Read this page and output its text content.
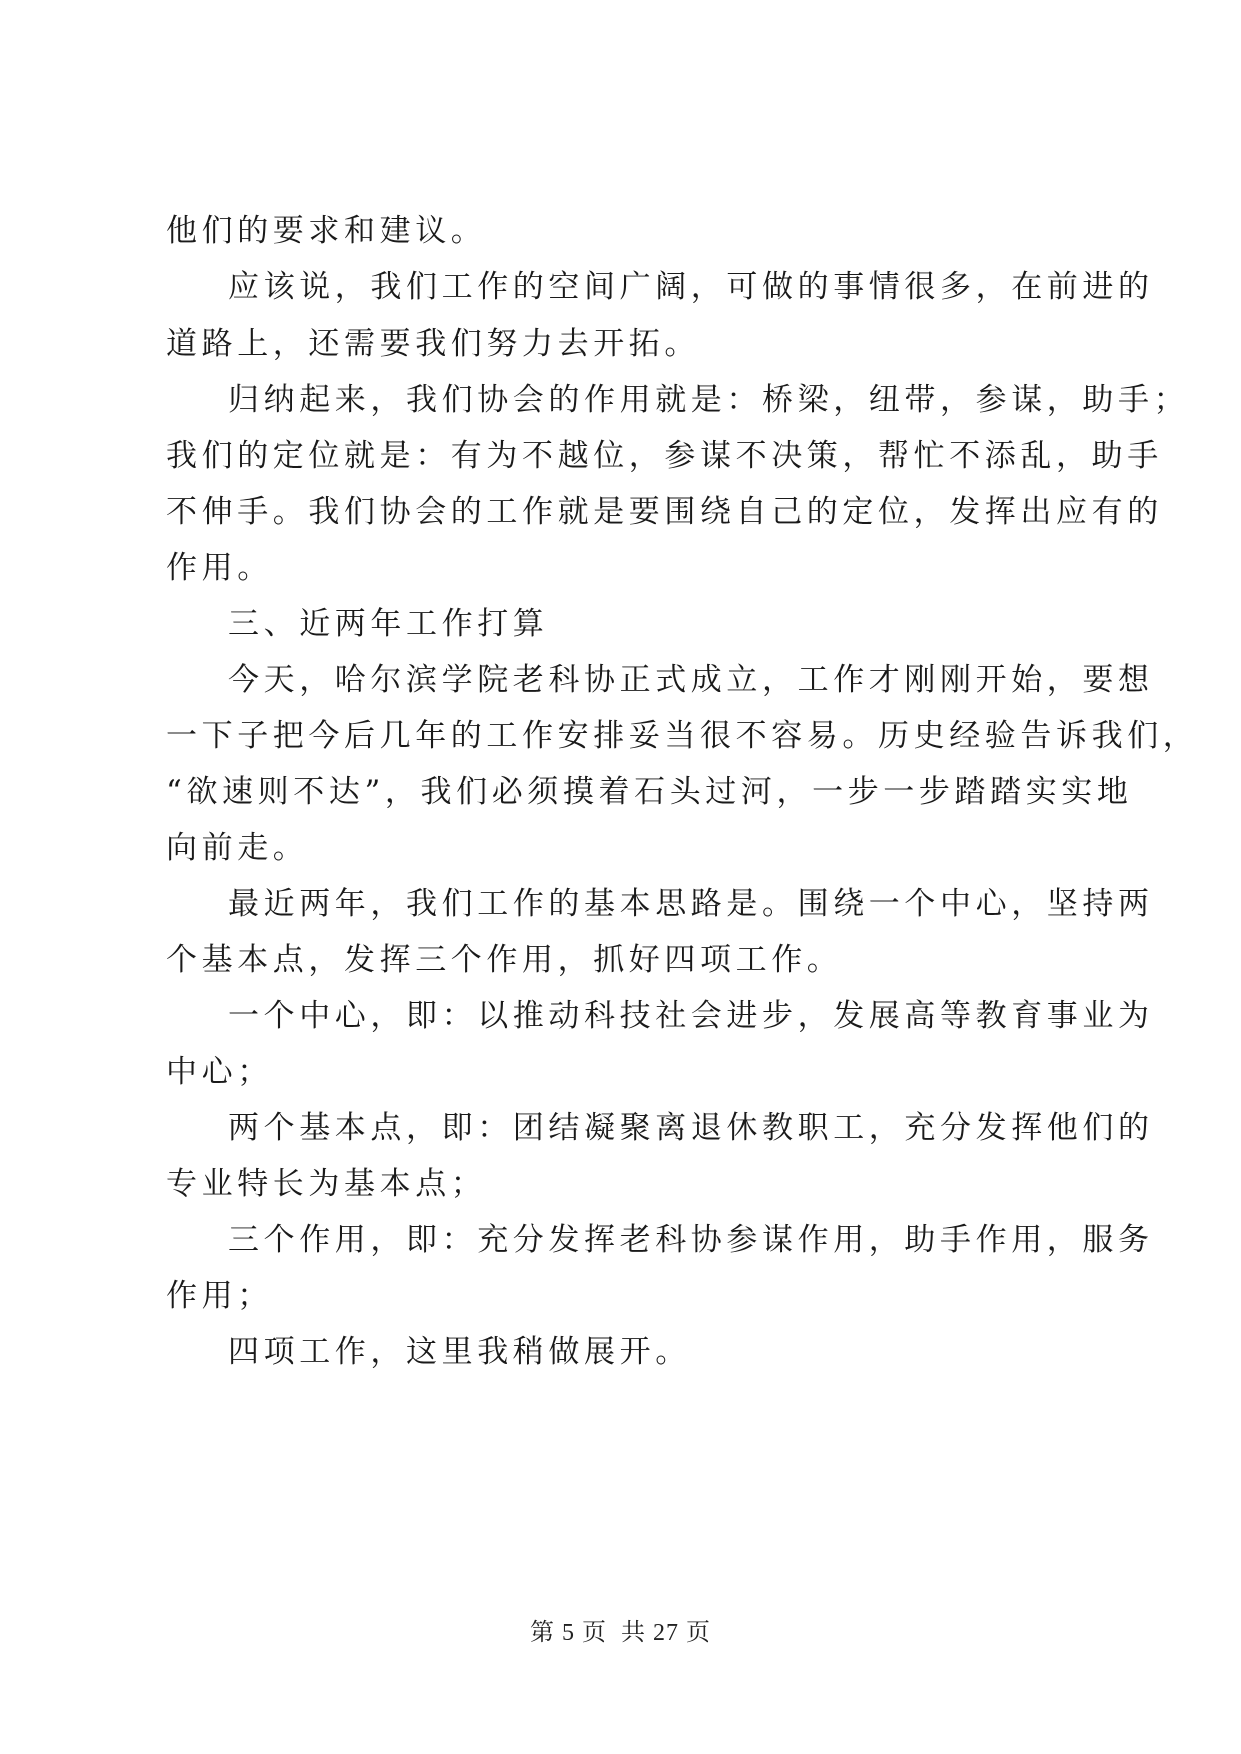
他们的要求和建议。
应该说，我们工作的空间广阔，可做的事情很多，在前进的
道路上，还需要我们努力去开拓。
归纳起来，我们协会的作用就是：桥梁，纽带，参谋，助手；
我们的定位就是：有为不越位，参谋不决策，帮忙不添乱，助手
不伸手。我们协会的工作就是要围绕自己的定位，发挥出应有的
作用。
三、近两年工作打算
今天，哈尔滨学院老科协正式成立，工作才刚刚开始，要想
一下子把今后几年的工作安排妥当很不容易。历史经验告诉我们，
“欲速则不达”，我们必须摸着石头过河，一步一步踏踏实实地
向前走。
最近两年，我们工作的基本思路是。围绕一个中心，坚持两
个基本点，发挥三个作用，抓好四项工作。
一个中心，即：以推动科技社会进步，发展高等教育事业为
中心；
两个基本点，即：团结凝聚离退休教职工，充分发挥他们的
专业特长为基本点；
三个作用，即：充分发挥老科协参谋作用，助手作用，服务
作用；
四项工作，这里我稍做展开。
第 5 页  共 27 页
